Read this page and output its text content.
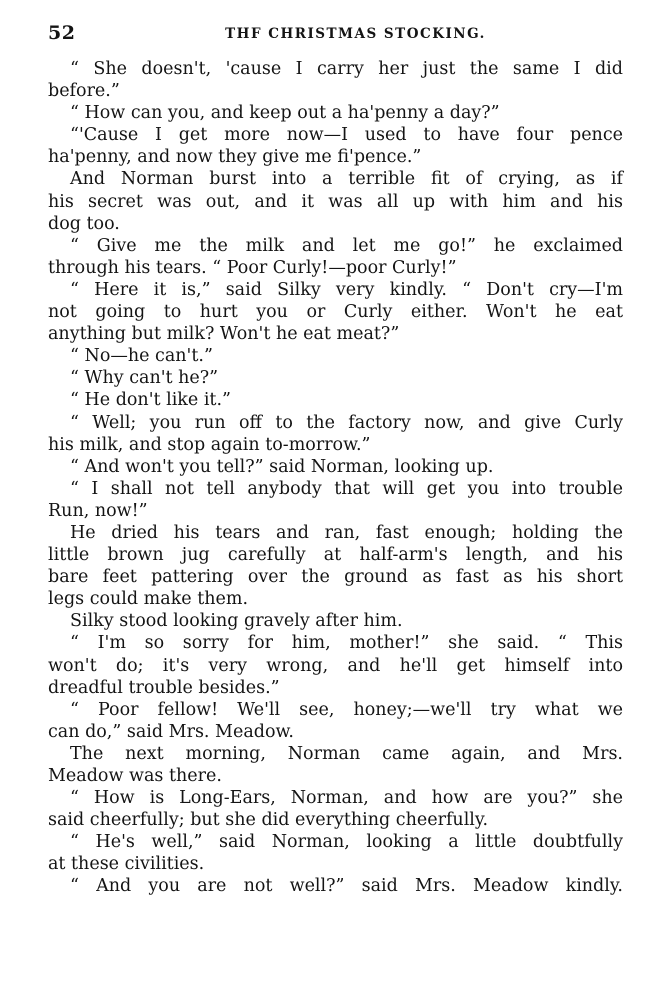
52	THF CHRISTMAS STOCKING.
“ She doesn't, 'cause I carry her just the same I did
before.”
“ How can you, and keep out a ha'penny a day?”
“'Cause I get more now—I used to have four pence
ha'penny, and now they give me fi'pence.”
And Norman burst into a terrible fit of crying, as if
his secret was out, and it was all up with him and his
dog too.
“ Give me the milk and let me go!” he exclaimed
through his tears. “ Poor Curly!—poor Curly!”
“ Here it is,” said Silky very kindly. “ Don't cry—I'm
not going to hurt you or Curly either. Won't he eat
anything but milk? Won't he eat meat?”
“ No—he can't.”
“ Why can't he?”
“ He don't like it.”
“ Well; you run off to the factory now, and give Curly
his milk, and stop again to-morrow.”
“ And won't you tell?” said Norman, looking up.
“ I shall not tell anybody that will get you into trouble
Run, now!”
He dried his tears and ran, fast enough; holding the
little brown jug carefully at half-arm's length, and his
bare feet pattering over the ground as fast as his short
legs could make them.
Silky stood looking gravely after him.
“ I'm so sorry for him, mother!” she said. “ This
won't do; it's very wrong, and he'll get himself into
dreadful trouble besides.”
“ Poor fellow! We'll see, honey;—we'll try what we
can do,” said Mrs. Meadow.
The next morning, Norman came again, and Mrs.
Meadow was there.
“ How is Long-Ears, Norman, and how are you?” she
said cheerfully; but she did everything cheerfully.
“ He's well,” said Norman, looking a little doubtfully
at these civilities.
“ And you are not well?” said Mrs. Meadow kindly.
